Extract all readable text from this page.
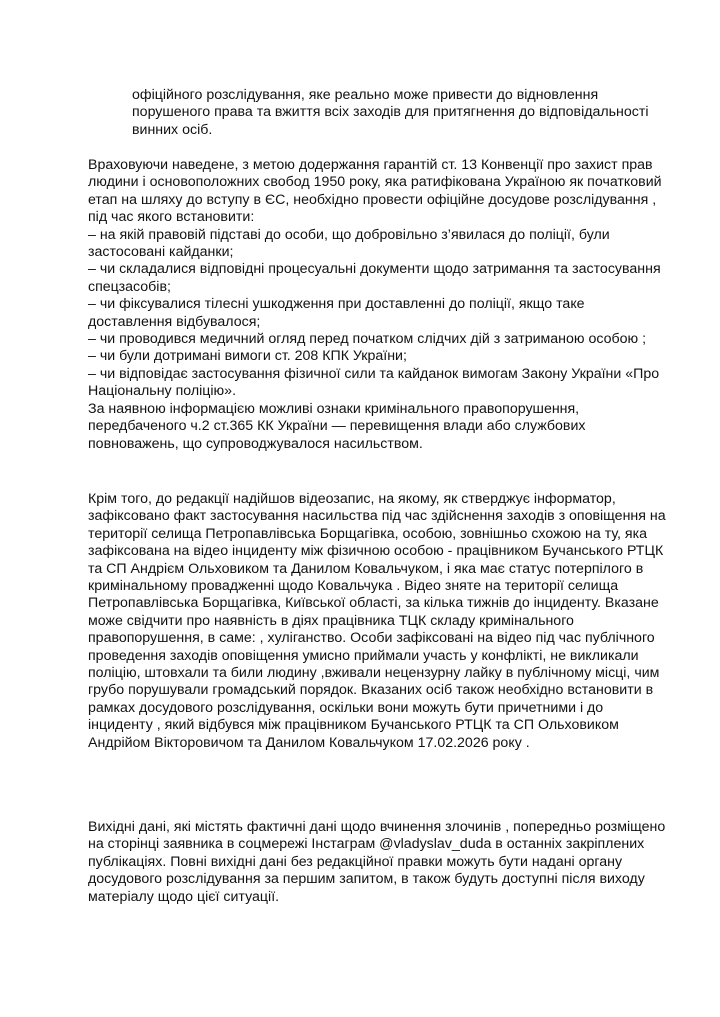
офіційного розслідування, яке реально може привести до відновлення
порушеного права та вжиття всіх заходів для притягнення до відповідальності
винних осіб.
Враховуючи наведене, з метою додержання гарантій ст. 13 Конвенції про захист прав
людини і основоположних свобод 1950 року, яка ратифікована Україною як початковий
етап на шляху до вступу в ЄС, необхідно провести офіційне досудове розслідування ,
під час якого встановити:
– на якій правовій підставі до особи, що добровільно з’явилася до поліції, були
застосовані кайданки;
– чи складалися відповідні процесуальні документи щодо затримання та застосування
спецзасобів;
– чи фіксувалися тілесні ушкодження при доставленні до поліції, якщо таке
доставлення відбувалося;
– чи проводився медичний огляд перед початком слідчих дій з затриманою особою ;
– чи були дотримані вимоги ст. 208 КПК України;
– чи відповідає застосування фізичної сили та кайданок вимогам Закону України «Про
Національну поліцію».
За наявною інформацією можливі ознаки кримінального правопорушення,
передбаченого ч.2 ст.365 КК України — перевищення влади або службових
повноважень, що супроводжувалося насильством.
Крім того, до редакції надійшов відеозапис, на якому, як стверджує інформатор,
зафіксовано факт застосування насильства під час здійснення заходів з оповіщення на
території селища Петропавлівська Борщагівка, особою, зовнішньо схожою на ту, яка
зафіксована на відео інциденту між фізичною особою - працівником Бучанського РТЦК
та СП Андрієм Ольховиком та Данилом Ковальчуком, і яка має статус потерпілого в
кримінальному провадженні щодо Ковальчука . Відео зняте на території селища
Петропавлівська Борщагівка, Київської області, за кілька тижнів до інциденту. Вказане
може свідчити про наявність в діях працівника ТЦК складу кримінального
правопорушення, в саме: , хуліганство. Особи зафіксовані на відео під час публічного
проведення заходів оповіщення умисно приймали участь у конфлікті, не викликали
поліцію, штовхали та били людину ,вживали нецензурну лайку в публічному місці, чим
грубо порушували громадський порядок. Вказаних осіб також необхідно встановити в
рамках досудового розслідування, оскільки вони можуть бути причетними і до
інциденту , який відбувся між працівником Бучанського РТЦК та СП Ольховиком
Андрійом Вікторовичом та Данилом Ковальчуком 17.02.2026 року .
Вихідні дані, які містять фактичні дані щодо вчинення злочинів , попередньо розміщено
на сторінці заявника в соцмережі Інстаграм @vladyslav_duda в останніх закріплених
публікаціях. Повні вихідні дані без редакційної правки можуть бути надані органу
досудового розслідування за першим запитом, в також будуть доступні після виходу
матеріалу щодо цієї ситуації.
